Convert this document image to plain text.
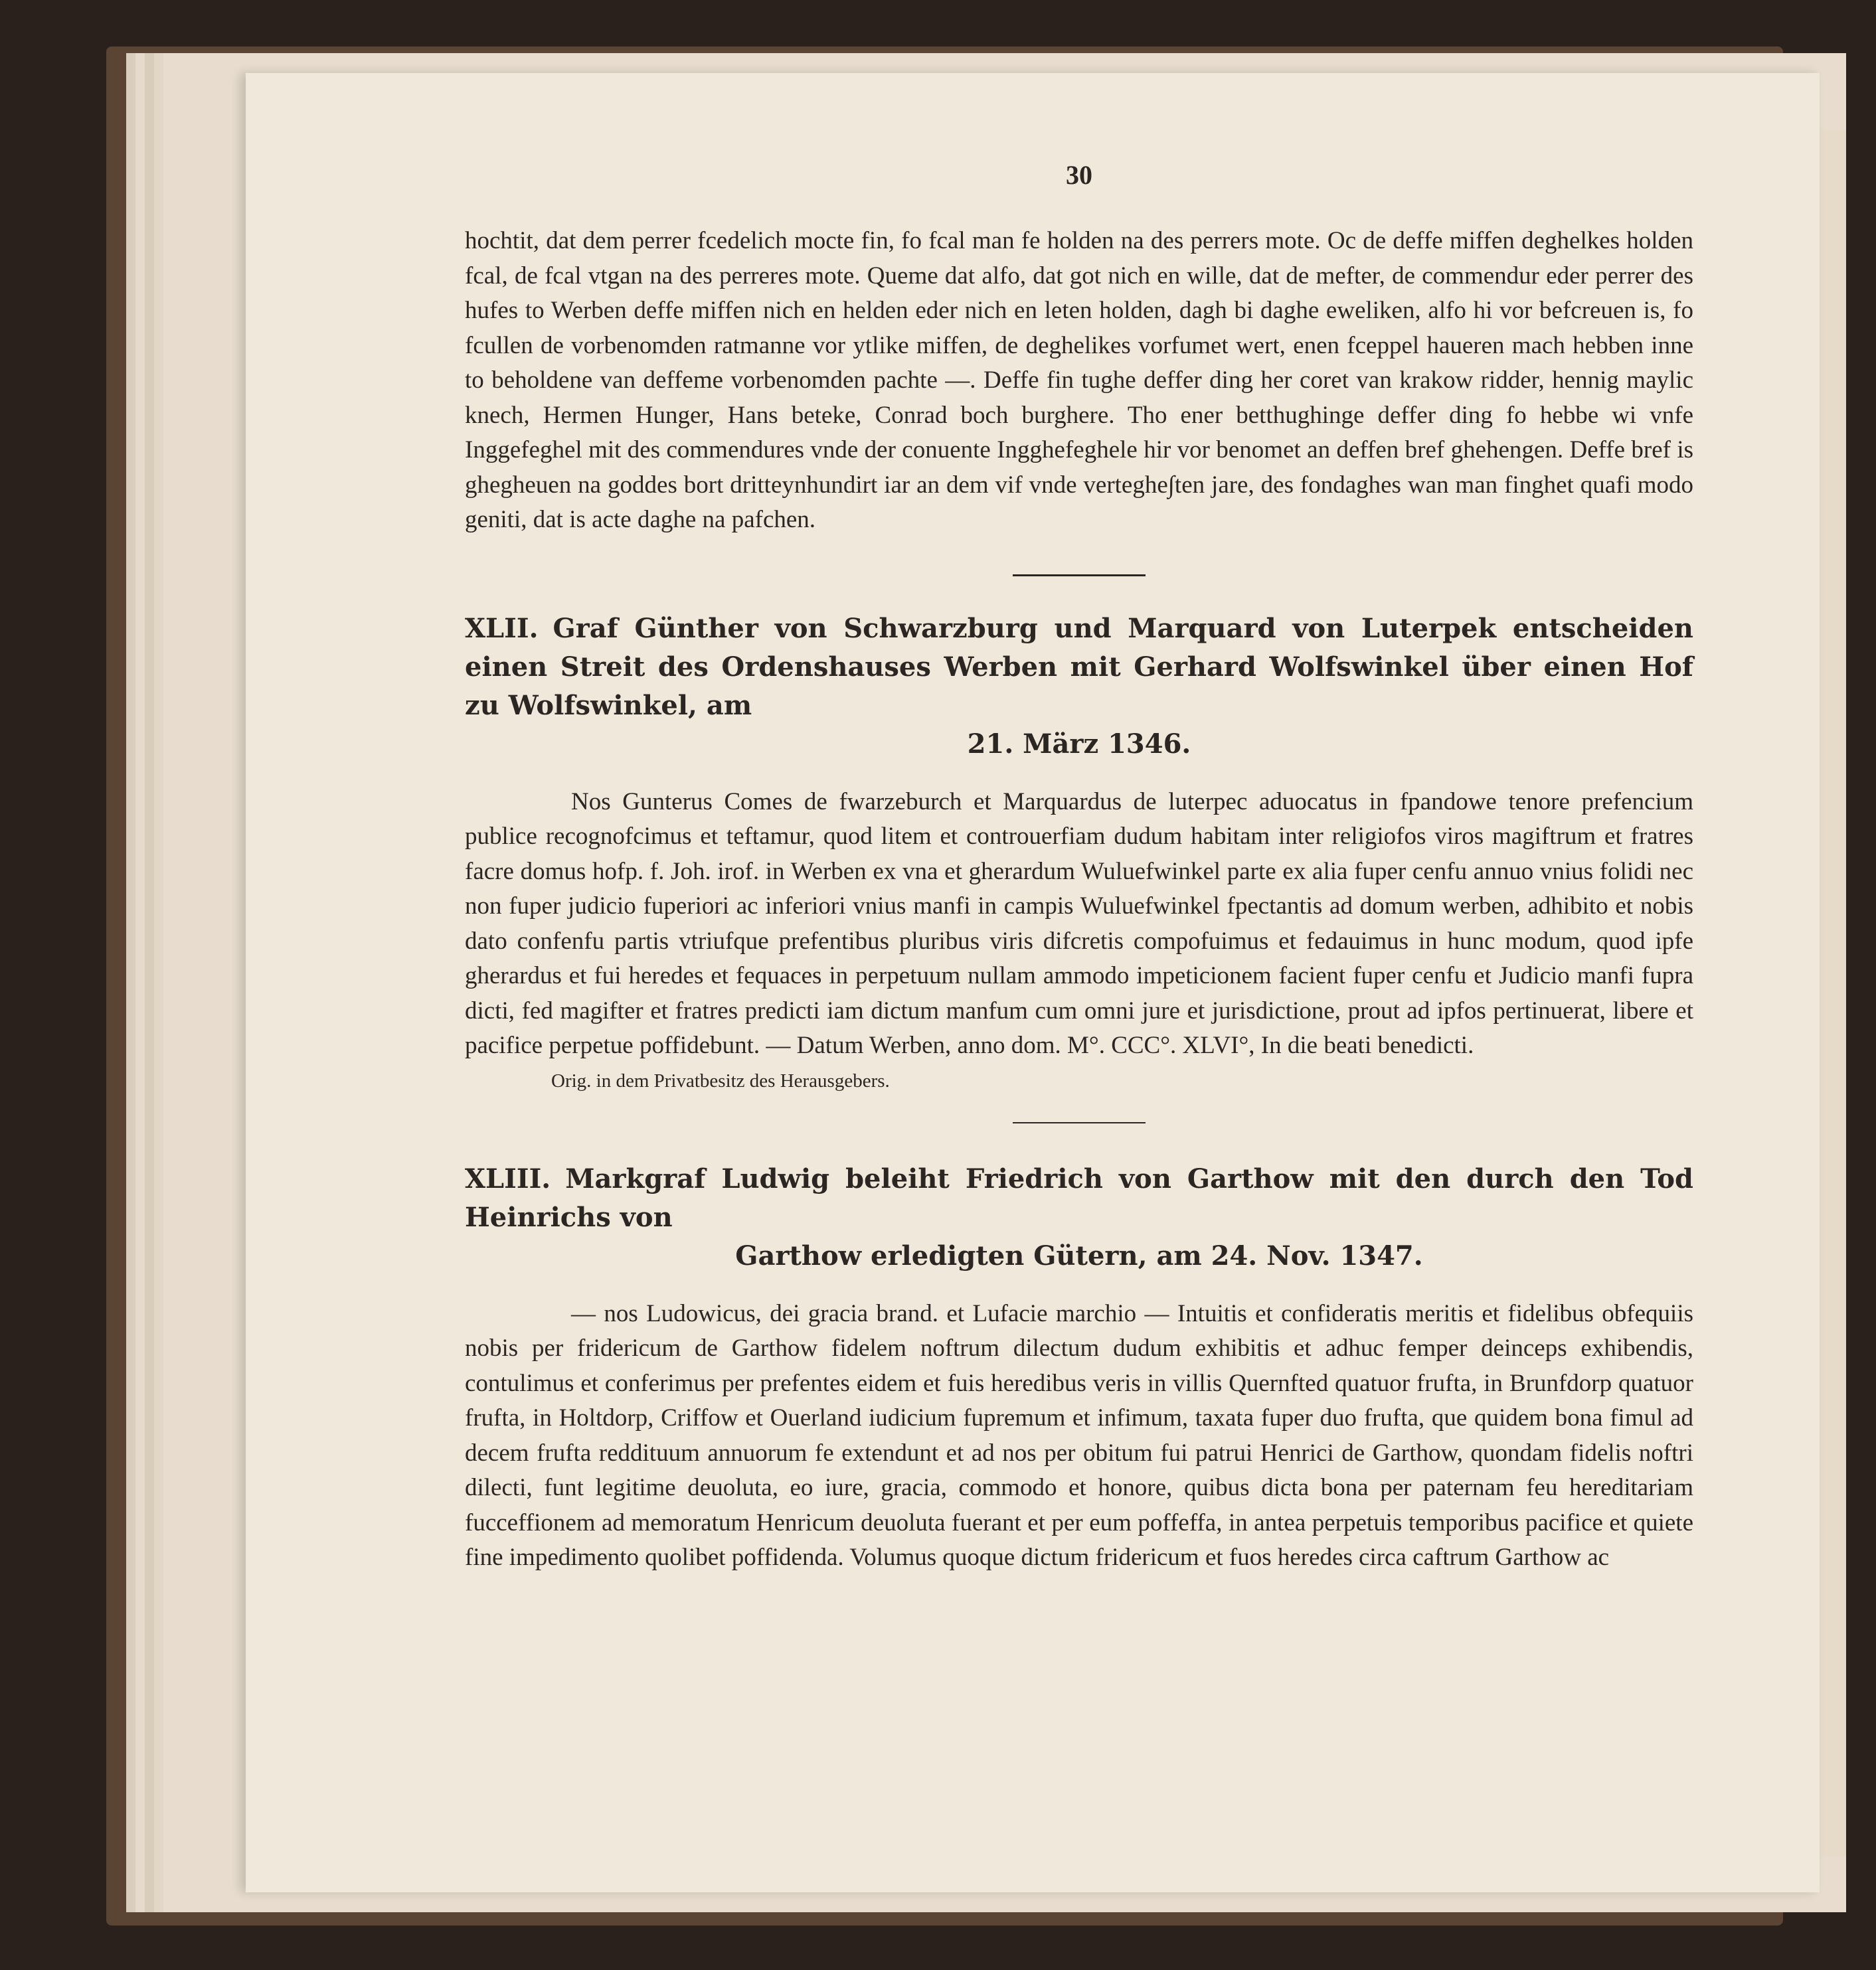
30

hochtit, dat dem perrer fcedelich mocte fin, fo fcal man fe holden na des perrers mote. Oc de deffe miffen deghelkes holden fcal, de fcal vtgan na des perreres mote. Queme dat alfo, dat got nich en wille, dat de mefter, de commendur eder perrer des hufes to Werben deffe miffen nich en helden eder nich en leten holden, dagh bi daghe eweliken, alfo hi vor befcreuen is, fo fcullen de vorbenomden ratmanne vor ytlike miffen, de deghelikes vorfumet wert, enen fceppel haueren mach hebben inne to beholdene van deffeme vorbenomden pachte —. Deffe fin tughe deffer ding her coret van krakow ridder, hennig maylic knech, Hermen Hunger, Hans beteke, Conrad boch burghere. Tho ener betthughinge deffer ding fo hebbe wi vnfe Inggefeghel mit des commendures vnde der conuente Ingghefeghele hir vor benomet an deffen bref ghehengen. Deffe bref is ghegheuen na goddes bort dritteynhundirt iar an dem vif vnde verteghe∫ten jare, des fondaghes wan man finghet quafi modo geniti, dat is acte daghe na pafchen.

XLII. Graf Günther von Schwarzburg und Marquard von Luterpek entscheiden einen Streit des Ordenshauses Werben mit Gerhard Wolfswinkel über einen Hof zu Wolfswinkel, am
21. März 1346.

Nos Gunterus Comes de fwarzeburch et Marquardus de luterpec aduocatus in fpandowe tenore prefencium publice recognofcimus et teftamur, quod litem et controuerfiam dudum habitam inter religiofos viros magiftrum et fratres facre domus hofp. f. Joh. irof. in Werben ex vna et gherardum Wuluefwinkel parte ex alia fuper cenfu annuo vnius folidi nec non fuper judicio fuperiori ac inferiori vnius manfi in campis Wuluefwinkel fpectantis ad domum werben, adhibito et nobis dato confenfu partis vtriufque prefentibus pluribus viris difcretis compofuimus et fedauimus in hunc modum, quod ipfe gherardus et fui heredes et fequaces in perpetuum nullam ammodo impeticionem facient fuper cenfu et Judicio manfi fupra dicti, fed magifter et fratres predicti iam dictum manfum cum omni jure et jurisdictione, prout ad ipfos pertinuerat, libere et pacifice perpetue poffidebunt. — Datum Werben, anno dom. M°. CCC°. XLVI°, In die beati benedicti.

Orig. in dem Privatbesitz des Herausgebers.
XLIII. Markgraf Ludwig beleiht Friedrich von Garthow mit den durch den Tod Heinrichs von
Garthow erledigten Gütern, am 24. Nov. 1347.

— nos Ludowicus, dei gracia brand. et Lufacie marchio — Intuitis et confideratis meritis et fidelibus obfequiis nobis per fridericum de Garthow fidelem noftrum dilectum dudum exhibitis et adhuc femper deinceps exhibendis, contulimus et conferimus per prefentes eidem et fuis heredibus veris in villis Quernfted quatuor frufta, in Brunfdorp quatuor frufta, in Holtdorp, Criffow et Ouerland iudicium fupremum et infimum, taxata fuper duo frufta, que quidem bona fimul ad decem frufta reddituum annuorum fe extendunt et ad nos per obitum fui patrui Henrici de Garthow, quondam fidelis noftri dilecti, funt legitime deuoluta, eo iure, gracia, commodo et honore, quibus dicta bona per paternam feu hereditariam fucceffionem ad memoratum Henricum deuoluta fuerant et per eum poffeffa, in antea perpetuis temporibus pacifice et quiete fine impedimento quolibet poffidenda. Volumus quoque dictum fridericum et fuos heredes circa caftrum Garthow ac
